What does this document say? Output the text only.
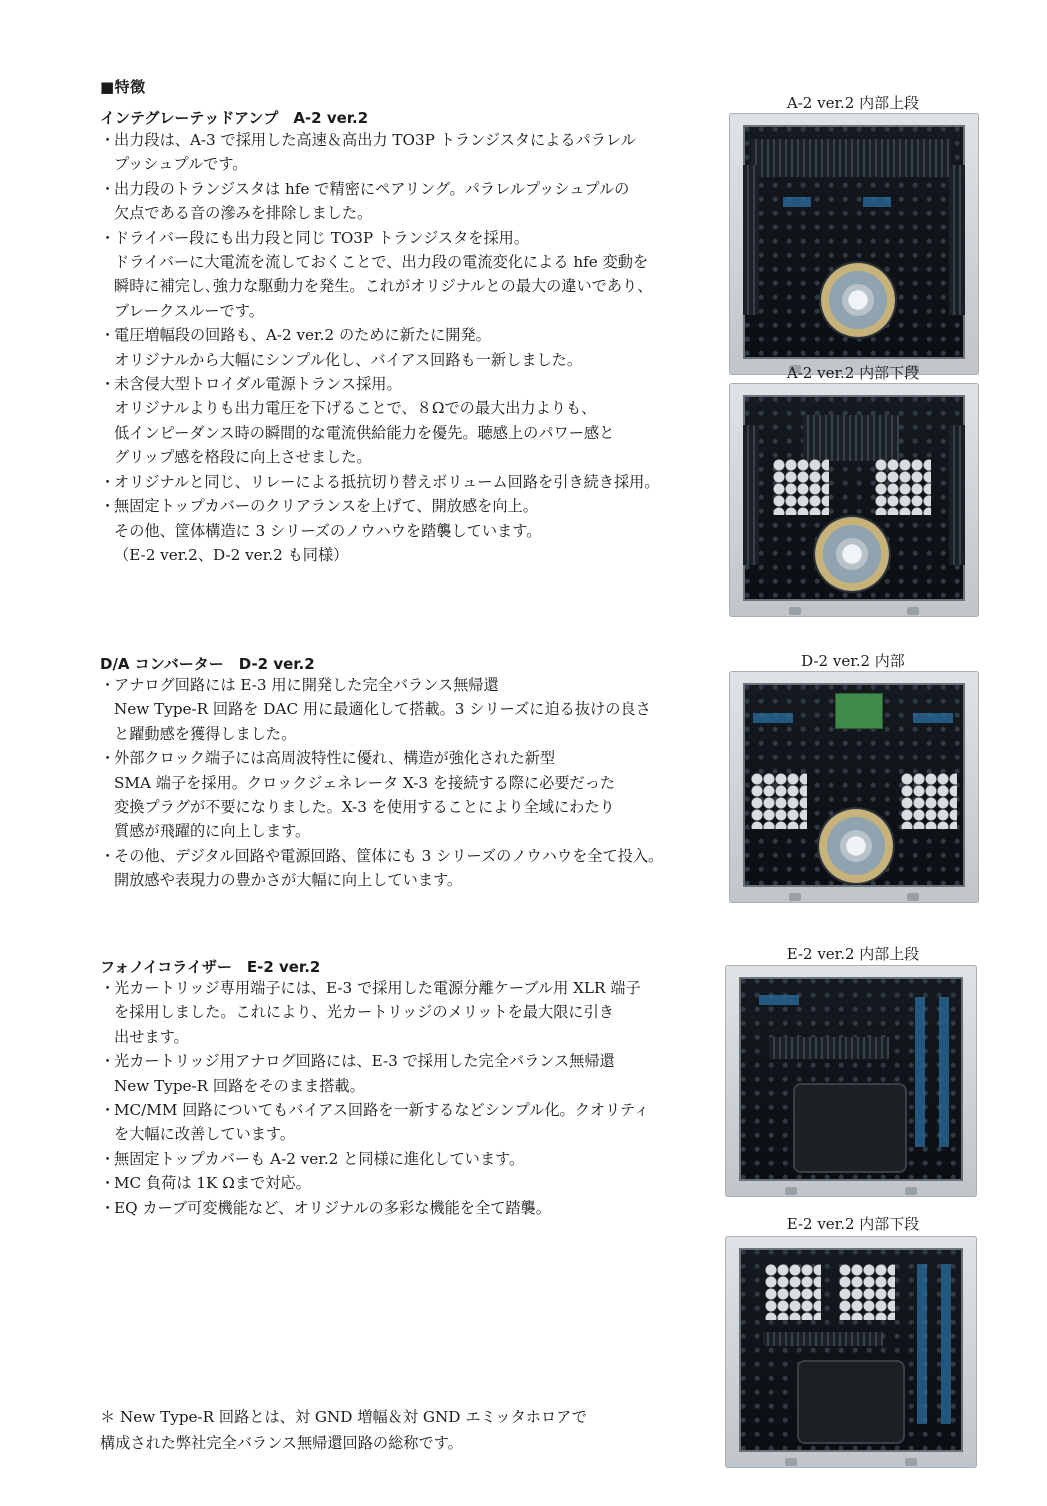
■特徴
インテグレーテッドアンプ　A-2 ver.2
・ 出力段は、A-3 で採用した高速＆高出力 TO3P トランジスタによるパラレル
プッシュプルです。
・ 出力段のトランジスタは hfe で精密にペアリング。パラレルプッシュプルの
欠点である音の滲みを排除しました。
・ ドライバー段にも出力段と同じ TO3P トランジスタを採用。
ドライバーに大電流を流しておくことで、出力段の電流変化による hfe 変動を
瞬時に補完し､強力な駆動力を発生。これがオリジナルとの最大の違いであり、
ブレークスルーです。
・ 電圧増幅段の回路も、A-2 ver.2 のために新たに開発。
オリジナルから大幅にシンプル化し、バイアス回路も一新しました。
・ 未含侵大型トロイダル電源トランス採用。
オリジナルよりも出力電圧を下げることで、８Ωでの最大出力よりも、
低インピーダンス時の瞬間的な電流供給能力を優先。聴感上のパワー感と
グリップ感を格段に向上させました。
・ オリジナルと同じ、リレーによる抵抗切り替えボリューム回路を引き続き採用。
・ 無固定トップカバーのクリアランスを上げて、開放感を向上。
その他、筐体構造に 3 シリーズのノウハウを踏襲しています。
（E-2 ver.2、D-2 ver.2 も同様）
D/A コンバーター　D-2 ver.2
・ アナログ回路には E-3 用に開発した完全バランス無帰還
New Type-R 回路を DAC 用に最適化して搭載。3 シリーズに迫る抜けの良さ
と躍動感を獲得しました。
・ 外部クロック端子には高周波特性に優れ、構造が強化された新型
SMA 端子を採用。クロックジェネレータ X-3 を接続する際に必要だった
変換プラグが不要になりました。X-3 を使用することにより全域にわたり
質感が飛躍的に向上します。
・ その他、デジタル回路や電源回路、筐体にも 3 シリーズのノウハウを全て投入。
開放感や表現力の豊かさが大幅に向上しています。
フォノイコライザー　E-2 ver.2
・ 光カートリッジ専用端子には、E-3 で採用した電源分離ケーブル用 XLR 端子
を採用しました。これにより、光カートリッジのメリットを最大限に引き
出せます。
・ 光カートリッジ用アナログ回路には、E-3 で採用した完全バランス無帰還
New Type-R 回路をそのまま搭載。
・ MC/MM 回路についてもバイアス回路を一新するなどシンプル化。クオリティ
を大幅に改善しています。
・ 無固定トップカバーも A-2 ver.2 と同様に進化しています。
・ MC 負荷は 1K Ωまで対応。
・ EQ カーブ可変機能など、オリジナルの多彩な機能を全て踏襲。
A-2 ver.2 内部上段
A-2 ver.2 内部下段
D-2 ver.2 内部
E-2 ver.2 内部上段
E-2 ver.2 内部下段
＊ New Type-R 回路とは、対 GND 増幅＆対 GND エミッタホロアで
構成された弊社完全バランス無帰還回路の総称です。
